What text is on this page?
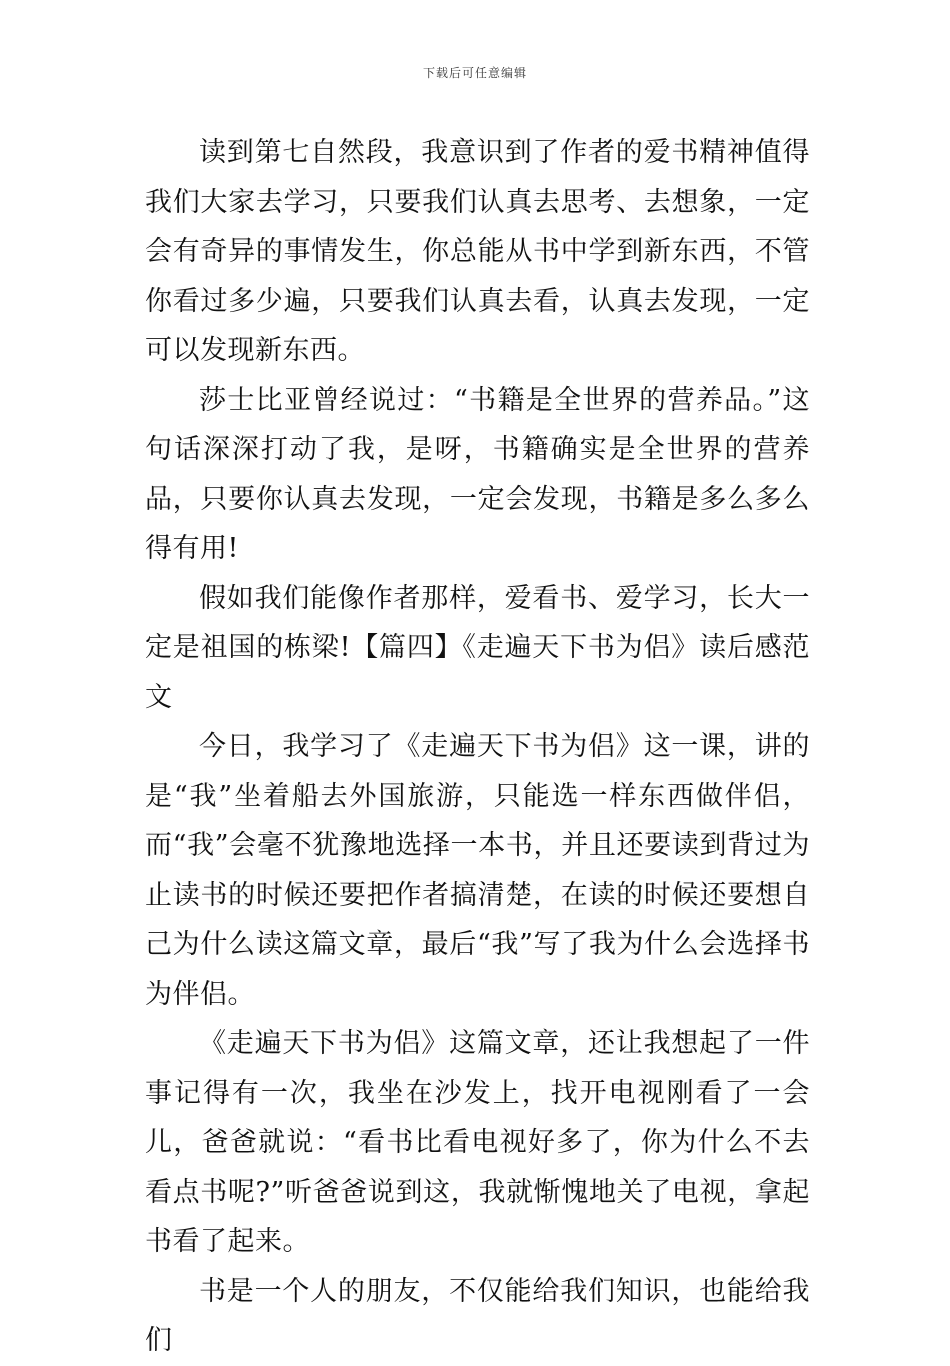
下载后可任意编辑

读到第七自然段，我意识到了作者的爱书精神值得我们大家去学习，只要我们认真去思考、去想象，一定会有奇异的事情发生，你总能从书中学到新东西，不管你看过多少遍，只要我们认真去看，认真去发现，一定可以发现新东西。

莎士比亚曾经说过：“书籍是全世界的营养品。”这句话深深打动了我，是呀，书籍确实是全世界的营养品，只要你认真去发现，一定会发现，书籍是多么多么得有用!

假如我们能像作者那样，爱看书、爱学习，长大一定是祖国的栋梁!【篇四】《走遍天下书为侣》读后感范文

今日，我学习了《走遍天下书为侣》这一课，讲的是“我”坐着船去外国旅游，只能选一样东西做伴侣，而“我”会毫不犹豫地选择一本书，并且还要读到背过为止读书的时候还要把作者搞清楚，在读的时候还要想自己为什么读这篇文章，最后“我”写了我为什么会选择书为伴侣。

《走遍天下书为侣》这篇文章，还让我想起了一件事记得有一次，我坐在沙发上，找开电视刚看了一会儿，爸爸就说：“看书比看电视好多了，你为什么不去看点书呢?”听爸爸说到这，我就惭愧地关了电视，拿起书看了起来。

书是一个人的朋友，不仅能给我们知识，也能给我们
